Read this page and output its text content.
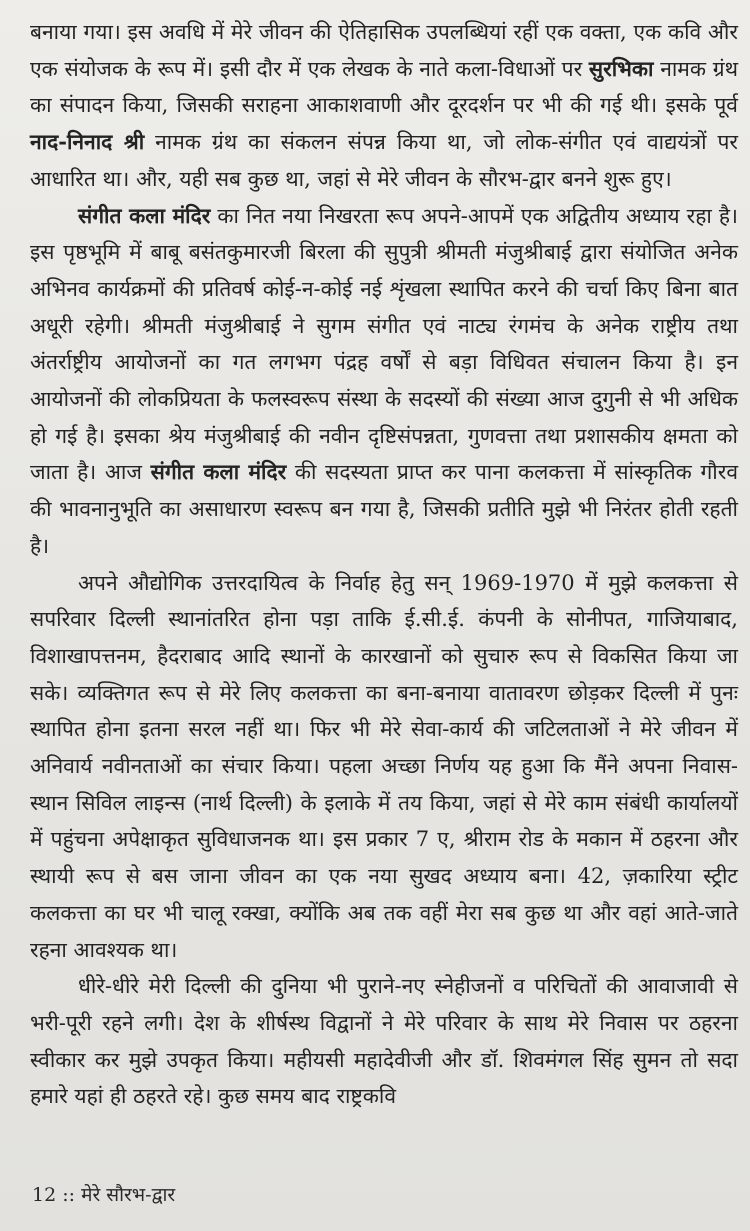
बनाया गया। इस अवधि में मेरे जीवन की ऐतिहासिक उपलब्धियां रहीं एक वक्ता, एक कवि और एक संयोजक के रूप में। इसी दौर में एक लेखक के नाते कला-विधाओं पर सुरभिका नामक ग्रंथ का संपादन किया, जिसकी सराहना आकाशवाणी और दूरदर्शन पर भी की गई थी। इसके पूर्व नाद-निनाद श्री नामक ग्रंथ का संकलन संपन्न किया था, जो लोक-संगीत एवं वाद्ययंत्रों पर आधारित था। और, यही सब कुछ था, जहां से मेरे जीवन के सौरभ-द्वार बनने शुरू हुए।

संगीत कला मंदिर का नित नया निखरता रूप अपने-आपमें एक अद्वितीय अध्याय रहा है। इस पृष्ठभूमि में बाबू बसंतकुमारजी बिरला की सुपुत्री श्रीमती मंजुश्रीबाई द्वारा संयोजित अनेक अभिनव कार्यक्रमों की प्रतिवर्ष कोई-न-कोई नई शृंखला स्थापित करने की चर्चा किए बिना बात अधूरी रहेगी। श्रीमती मंजुश्रीबाई ने सुगम संगीत एवं नाट्य रंगमंच के अनेक राष्ट्रीय तथा अंतर्राष्ट्रीय आयोजनों का गत लगभग पंद्रह वर्षों से बड़ा विधिवत संचालन किया है। इन आयोजनों की लोकप्रियता के फलस्वरूप संस्था के सदस्यों की संख्या आज दुगुनी से भी अधिक हो गई है। इसका श्रेय मंजुश्रीबाई की नवीन दृष्टिसंपन्नता, गुणवत्ता तथा प्रशासकीय क्षमता को जाता है। आज संगीत कला मंदिर की सदस्यता प्राप्त कर पाना कलकत्ता में सांस्कृतिक गौरव की भावनानुभूति का असाधारण स्वरूप बन गया है, जिसकी प्रतीति मुझे भी निरंतर होती रहती है।

अपने औद्योगिक उत्तरदायित्व के निर्वाह हेतु सन् 1969-1970 में मुझे कलकत्ता से सपरिवार दिल्ली स्थानांतरित होना पड़ा ताकि ई.सी.ई. कंपनी के सोनीपत, गाजियाबाद, विशाखापत्तनम, हैदराबाद आदि स्थानों के कारखानों को सुचारु रूप से विकसित किया जा सके। व्यक्तिगत रूप से मेरे लिए कलकत्ता का बना-बनाया वातावरण छोड़कर दिल्ली में पुनः स्थापित होना इतना सरल नहीं था। फिर भी मेरे सेवा-कार्य की जटिलताओं ने मेरे जीवन में अनिवार्य नवीनताओं का संचार किया। पहला अच्छा निर्णय यह हुआ कि मैंने अपना निवास-स्थान सिविल लाइन्स (नार्थ दिल्ली) के इलाके में तय किया, जहां से मेरे काम संबंधी कार्यालयों में पहुंचना अपेक्षाकृत सुविधाजनक था। इस प्रकार 7 ए, श्रीराम रोड के मकान में ठहरना और स्थायी रूप से बस जाना जीवन का एक नया सुखद अध्याय बना। 42, ज़कारिया स्ट्रीट कलकत्ता का घर भी चालू रक्खा, क्योंकि अब तक वहीं मेरा सब कुछ था और वहां आते-जाते रहना आवश्यक था।

धीरे-धीरे मेरी दिल्ली की दुनिया भी पुराने-नए स्नेहीजनों व परिचितों की आवाजावी से भरी-पूरी रहने लगी। देश के शीर्षस्थ विद्वानों ने मेरे परिवार के साथ मेरे निवास पर ठहरना स्वीकार कर मुझे उपकृत किया। महीयसी महादेवीजी और डॉ. शिवमंगल सिंह सुमन तो सदा हमारे यहां ही ठहरते रहे। कुछ समय बाद राष्ट्रकवि

12 :: मेरे सौरभ-द्वार
